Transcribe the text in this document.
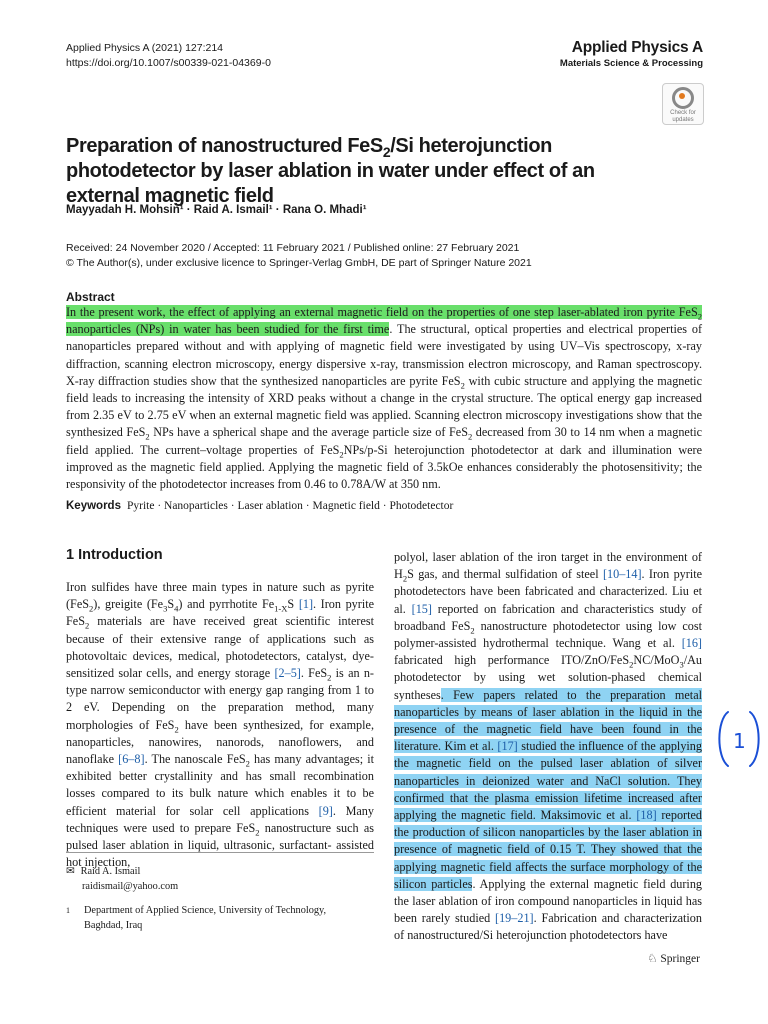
Applied Physics A (2021) 127:214
https://doi.org/10.1007/s00339-021-04369-0
Applied Physics A
Materials Science & Processing
Check for
updates
Preparation of nanostructured FeS$_2$/Si heterojunction photodetector by laser ablation in water under effect of an external magnetic field
Mayyadah H. Mohsin¹ · Raid A. Ismail¹ · Rana O. Mhadi¹
Received: 24 November 2020 / Accepted: 11 February 2021 / Published online: 27 February 2021
© The Author(s), under exclusive licence to Springer-Verlag GmbH, DE part of Springer Nature 2021
Abstract
In the present work, the effect of applying an external magnetic field on the properties of one step laser-ablated iron pyrite FeS$_2$ nanoparticles (NPs) in water has been studied for the first time. The structural, optical properties and electrical properties of nanoparticles prepared without and with applying of magnetic field were investigated by using UV–Vis spectroscopy, x-ray diffraction, scanning electron microscopy, energy dispersive x-ray, transmission electron microscopy, and Raman spectroscopy. X-ray diffraction studies show that the synthesized nanoparticles are pyrite FeS$_2$ with cubic structure and applying the magnetic field leads to increasing the intensity of XRD peaks without a change in the crystal structure. The optical energy gap increased from 2.35 eV to 2.75 eV when an external magnetic field was applied. Scanning electron microscopy investigations show that the synthesized FeS$_2$ NPs have a spherical shape and the average particle size of FeS$_2$ decreased from 30 to 14 nm when a magnetic field applied. The current–voltage properties of FeS$_2$NPs/p-Si heterojunction photodetector at dark and illumination were improved as the magnetic field applied. Applying the magnetic field of 3.5kOe enhances considerably the photosensitivity; the responsivity of the photodetector increases from 0.46 to 0.78A/W at 350 nm.
Keywords Pyrite · Nanoparticles · Laser ablation · Magnetic field · Photodetector
1 Introduction
Iron sulfides have three main types in nature such as pyrite (FeS$_2$), greigite $(Fe_3S_4)$ and pyrrhotite $Fe_{1-X}S$ [1]. Iron pyrite FeS$_2$ materials are have received great scientific interest because of their extensive range of applications such as photovoltaic devices, medical, photodetectors, catalyst, dye-sensitized solar cells, and energy storage [2–5]. FeS$_2$ is an n-type narrow semiconductor with energy gap ranging from 1 to 2 eV. Depending on the preparation method, many morphologies of FeS$_2$ have been synthesized, for example, nanoparticles, nanowires, nanorods, nanoflowers, and nanoflake [6–8]. The nanoscale FeS$_2$ has many advantages; it exhibited better crystallinity and has small recombination losses compared to its bulk nature which enables it to be efficient material for solar cell applications [9]. Many techniques were used to prepare FeS$_2$ nanostructure such as pulsed laser ablation in liquid, ultrasonic, surfactant- assisted hot injection,
polyol, laser ablation of the iron target in the environment of $H_2S$ gas, and thermal sulfidation of steel [10–14]. Iron pyrite photodetectors have been fabricated and characterized. Liu et al. [15] reported on fabrication and characteristics study of broadband FeS$_2$ nanostructure photodetector using low cost polymer-assisted hydrothermal technique. Wang et al. [16] fabricated high performance ITO/ZnO/FeS$_2$NC/MoO$_3$/Au photodetector by using wet solution-phased chemical syntheses. Few papers related to the preparation metal nanoparticles by means of laser ablation in the liquid in the presence of the magnetic field have been found in the literature. Kim et al. [17] studied the influence of the applying the magnetic field on the pulsed laser ablation of silver nanoparticles in deionized water and NaCl solution. They confirmed that the plasma emission lifetime increased after applying the magnetic field. Maksimovic et al. [18] reported the production of silicon nanoparticles by the laser ablation in presence of magnetic field of 0.15 T. They showed that the applying magnetic field affects the surface morphology of the silicon particles. Applying the external magnetic field during the laser ablation of iron compound nanoparticles in liquid has been rarely studied [19–21]. Fabrication and characterization of nanostructured/Si heterojunction photodetectors have
1
✉ Raid A. Ismail
raidismail@yahoo.com
1 Department of Applied Science, University of Technology, Baghdad, Iraq
♘ Springer
